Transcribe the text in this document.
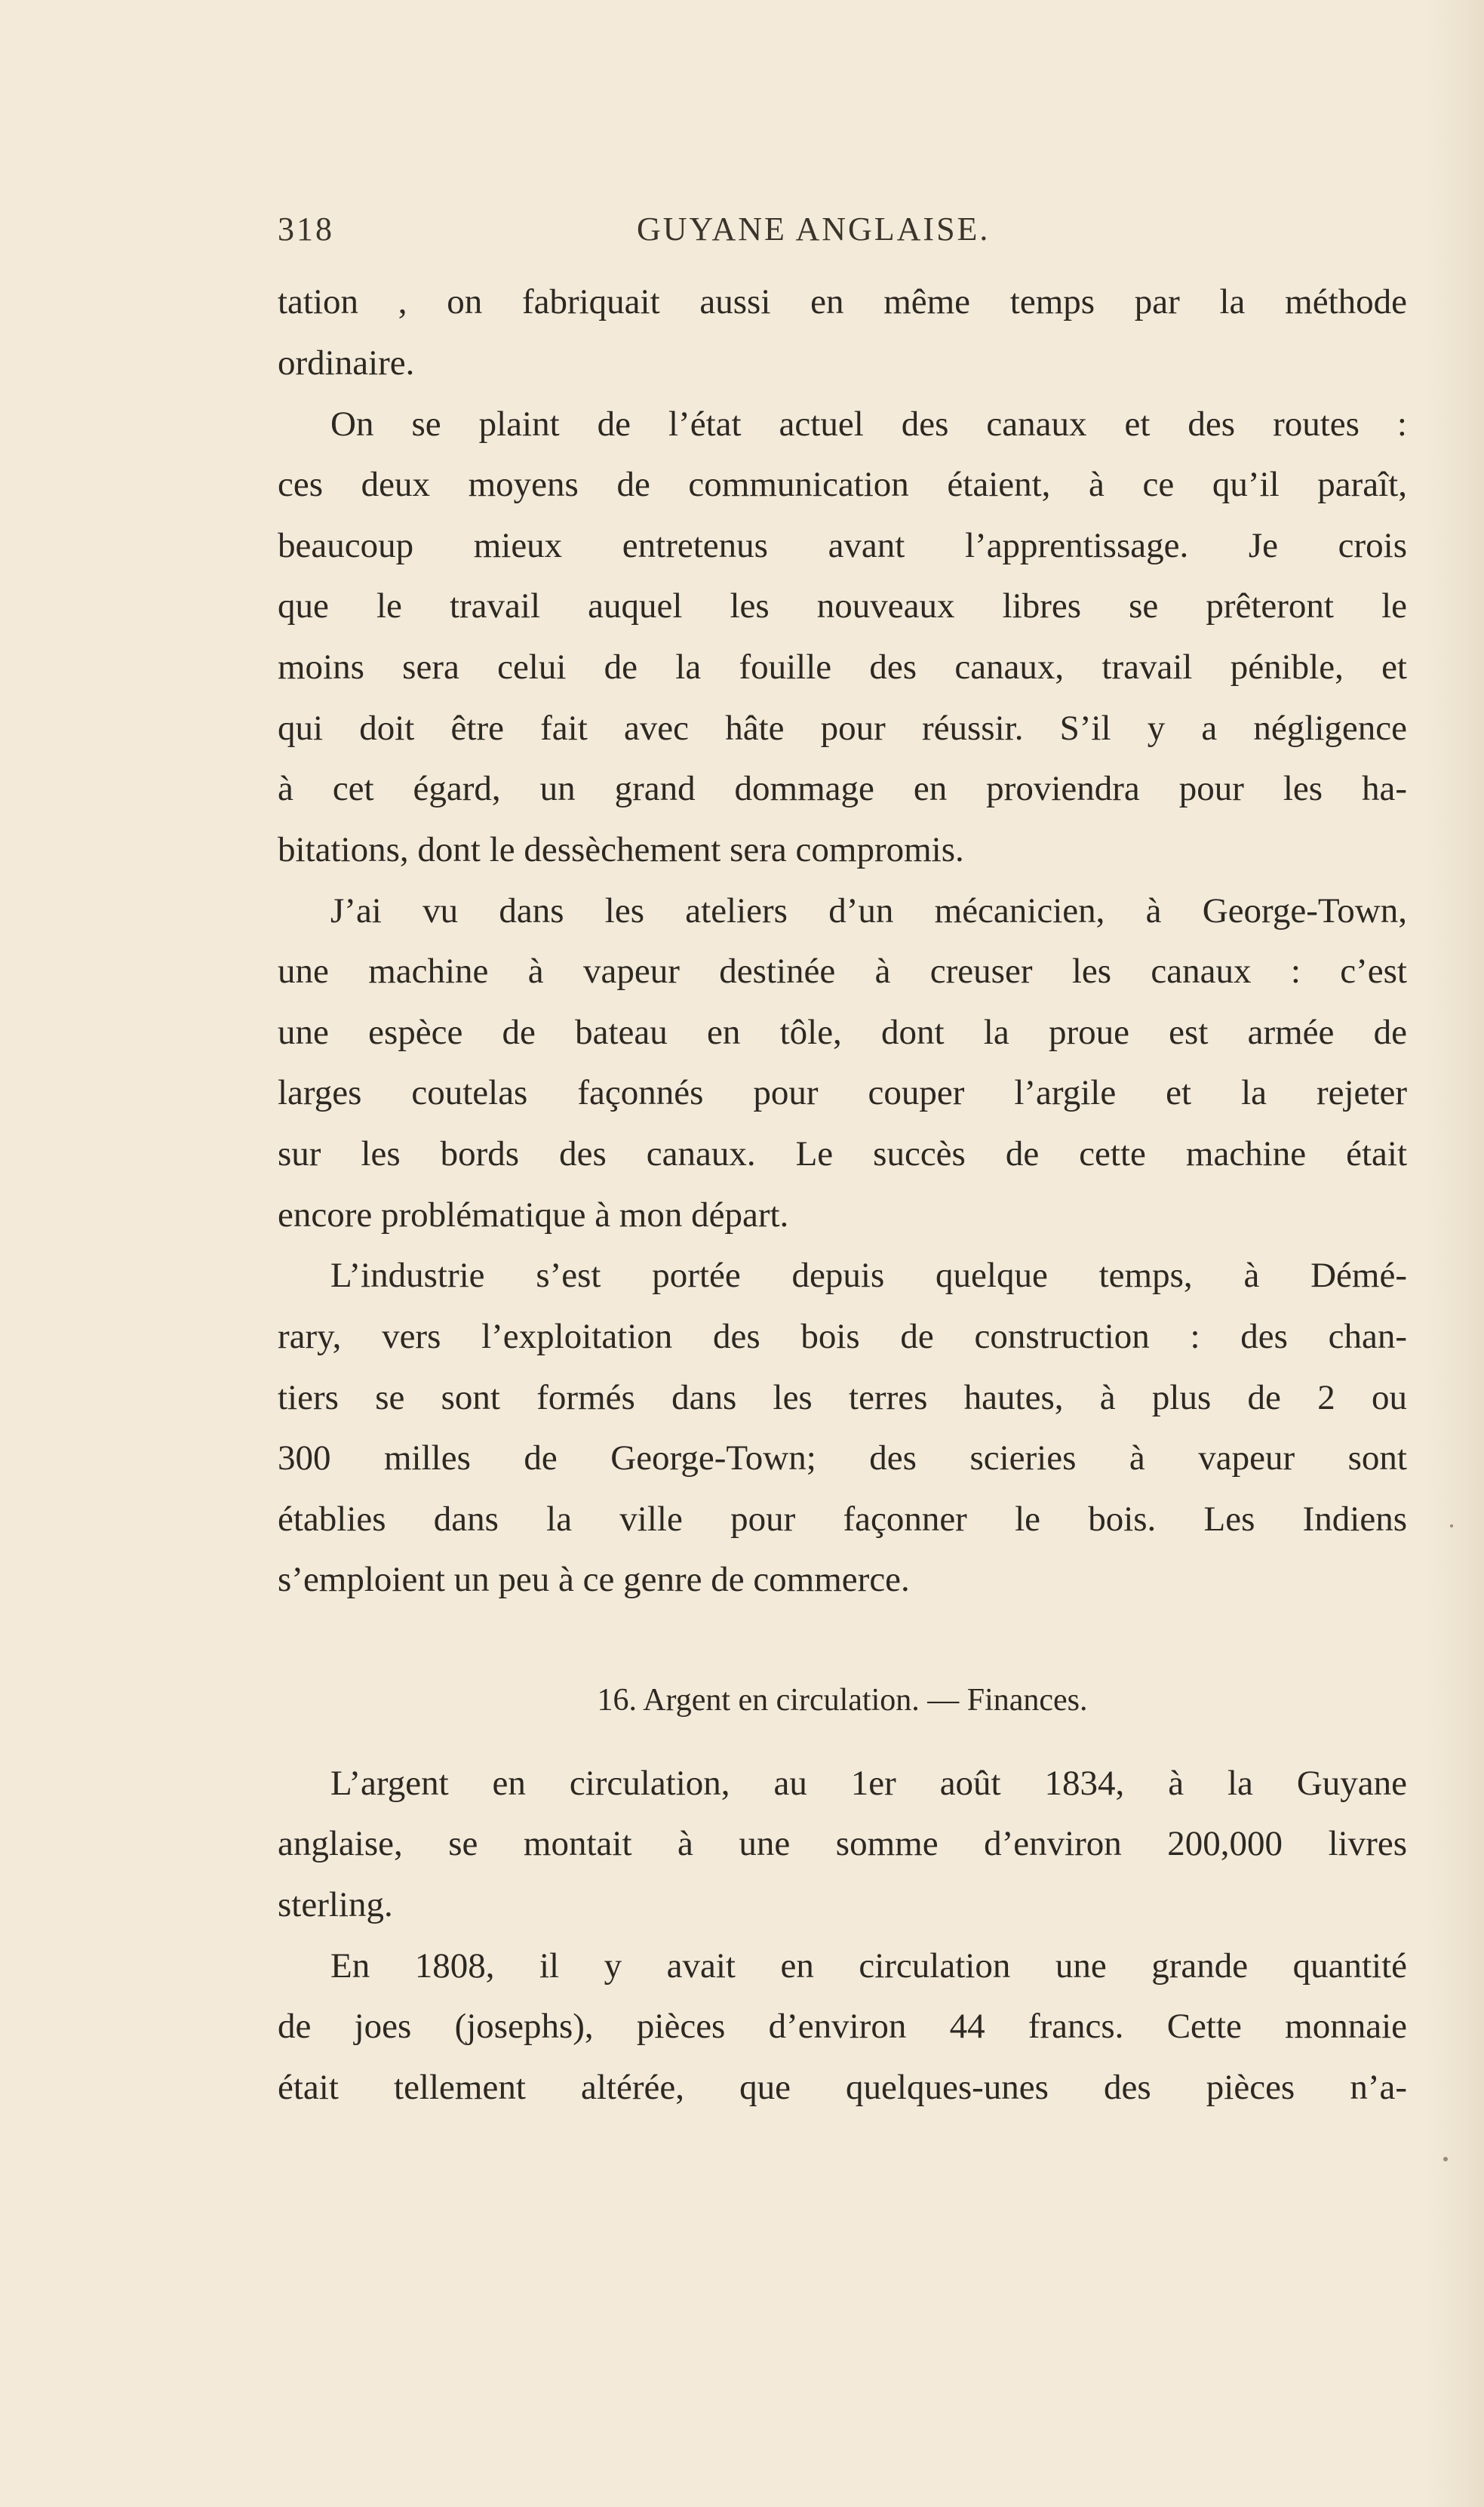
318	GUYANE ANGLAISE.
tation , on fabriquait aussi en même temps par la méthode
ordinaire.
On se plaint de l’état actuel des canaux et des routes :
ces deux moyens de communication étaient, à ce qu’il paraît,
beaucoup mieux entretenus avant l’apprentissage. Je crois
que le travail auquel les nouveaux libres se prêteront le
moins sera celui de la fouille des canaux, travail pénible, et
qui doit être fait avec hâte pour réussir. S’il y a négligence
à cet égard, un grand dommage en proviendra pour les ha-
bitations, dont le dessèchement sera compromis.
J’ai vu dans les ateliers d’un mécanicien, à George-Town,
une machine à vapeur destinée à creuser les canaux : c’est
une espèce de bateau en tôle, dont la proue est armée de
larges coutelas façonnés pour couper l’argile et la rejeter
sur les bords des canaux. Le succès de cette machine était
encore problématique à mon départ.
L’industrie s’est portée depuis quelque temps, à Démé-
rary, vers l’exploitation des bois de construction : des chan-
tiers se sont formés dans les terres hautes, à plus de 2 ou
300 milles de George-Town; des scieries à vapeur sont
établies dans la ville pour façonner le bois. Les Indiens
s’emploient un peu à ce genre de commerce.
16. Argent en circulation. — Finances.
L’argent en circulation, au 1er août 1834, à la Guyane
anglaise, se montait à une somme d’environ 200,000 livres
sterling.
En 1808, il y avait en circulation une grande quantité
de joes (josephs), pièces d’environ 44 francs. Cette monnaie
était tellement altérée, que quelques-unes des pièces n’a-
